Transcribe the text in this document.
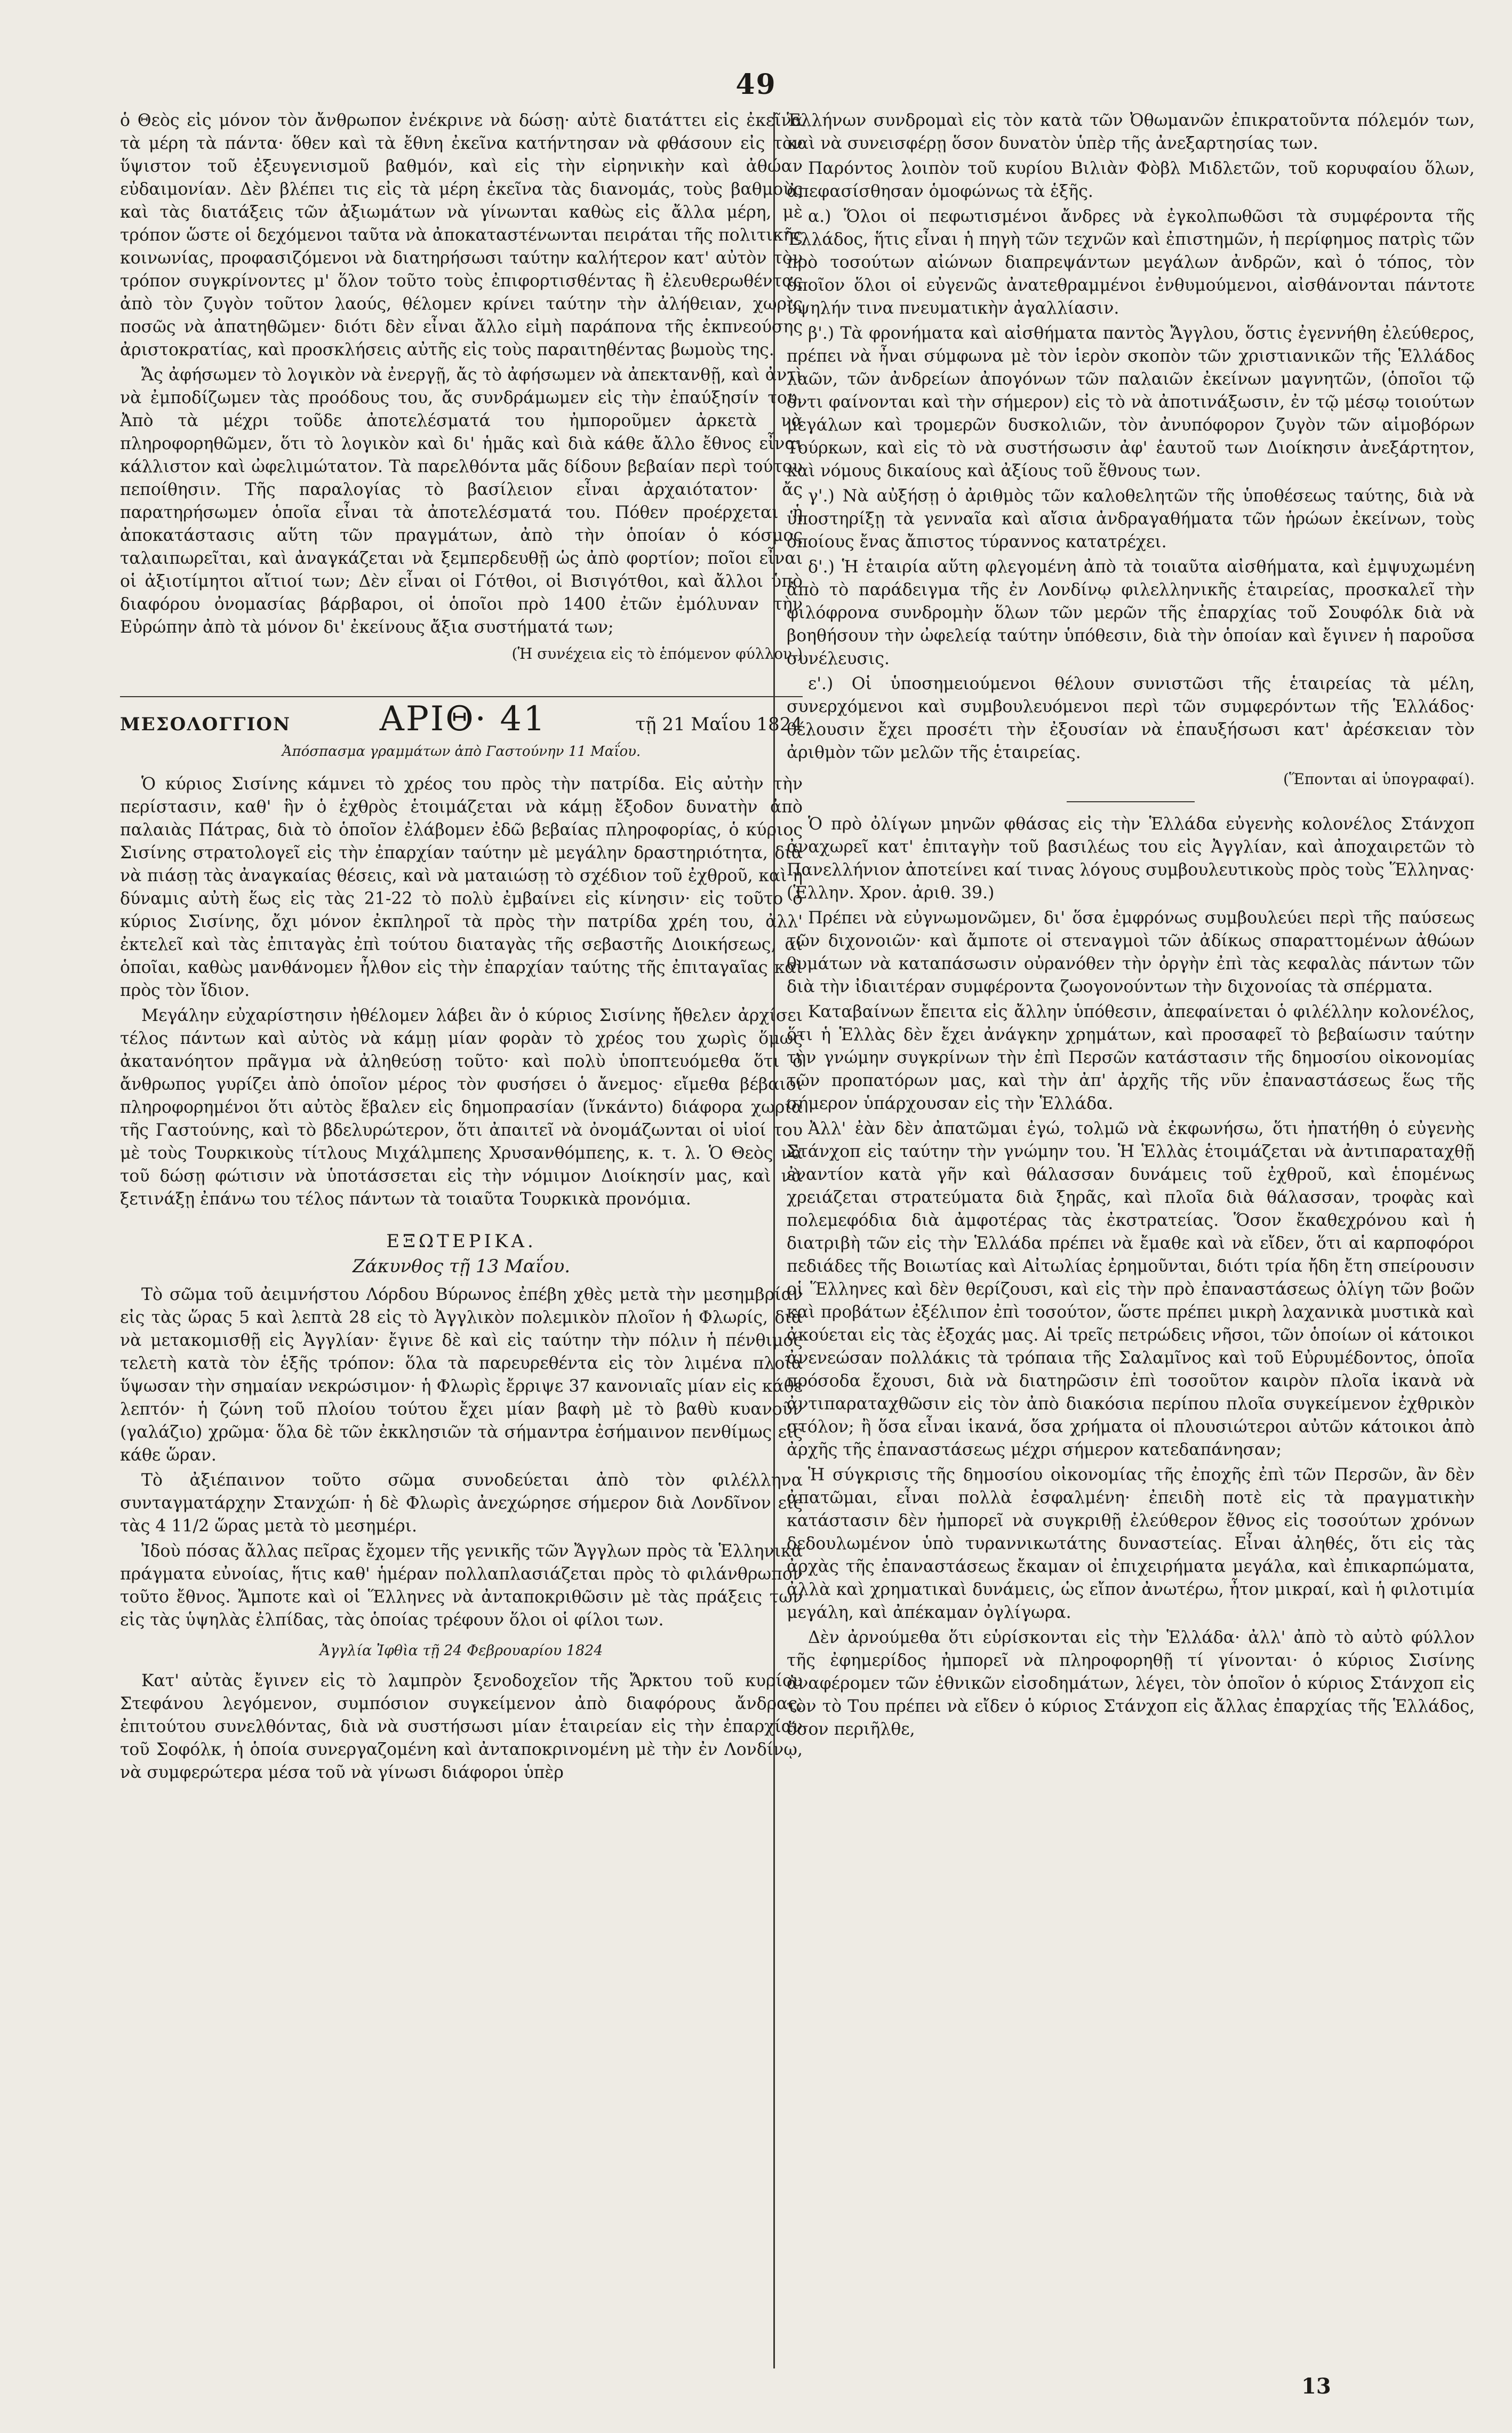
49

ὁ Θεὸς εἰς μόνον τὸν ἄνθρωπον ἐνέκρινε νὰ δώσῃ· αὐτὲ διατάττει εἰς ἐκεῖνα τὰ μέρη τὰ πάντα· ὅθεν καὶ τὰ ἔθνη ἐκεῖνα κατήντησαν νὰ φθάσουν εἰς τὸν ὕψιστον τοῦ ἐξευγενισμοῦ βαθμόν, καὶ εἰς τὴν εἰρηνικὴν καὶ ἀθώαν εὐδαιμονίαν. Δὲν βλέπει τις εἰς τὰ μέρη ἐκεῖνα τὰς διανομάς, τοὺς βαθμοὺς καὶ τὰς διατάξεις τῶν ἀξιωμάτων νὰ γίνωνται καθὼς εἰς ἄλλα μέρη, μὲ τρόπον ὥστε οἱ δεχόμενοι ταῦτα νὰ ἀποκαταστένωνται πειράται τῆς πολιτικῆς κοινωνίας, προφασιζόμενοι νὰ διατηρήσωσι ταύτην καλήτερον κατ' αὐτὸν τὸν τρόπον συγκρίνοντες μ' ὅλον τοῦτο τοὺς ἐπιφορτισθέντας ἢ ἐλευθερωθέντας ἀπὸ τὸν ζυγὸν τοῦτον λαούς, θέλομεν κρίνει ταύτην τὴν ἀλήθειαν, χωρὶς ποσῶς νὰ ἀπατηθῶμεν· διότι δὲν εἶναι ἄλλο εἰμὴ παράπονα τῆς ἐκπνεούσης ἀριστοκρατίας, καὶ προσκλήσεις αὐτῆς εἰς τοὺς παραιτηθέντας βωμοὺς της.

Ἄς ἀφήσωμεν τὸ λογικὸν νὰ ἐνεργῇ, ἄς τὸ ἀφήσωμεν νὰ ἀπεκτανθῇ, καὶ ἀντὶ νὰ ἐμποδίζωμεν τὰς προόδους του, ἄς συνδράμωμεν εἰς τὴν ἐπαύξησίν του. Ἀπὸ τὰ μέχρι τοῦδε ἀποτελέσματά του ἠμποροῦμεν ἀρκετὰ νὰ πληροφορηθῶμεν, ὅτι τὸ λογικὸν καὶ δι' ἡμᾶς καὶ διὰ κάθε ἄλλο ἔθνος εἶναι κάλλιστον καὶ ὠφελιμώτατον. Τὰ παρελθόντα μᾶς δίδουν βεβαίαν περὶ τούτου πεποίθησιν. Τῆς παραλογίας τὸ βασίλειον εἶναι ἀρχαιότατον· ἄς παρατηρήσωμεν ὁποῖα εἶναι τὰ ἀποτελέσματά του. Πόθεν προέρχεται ἡ ἀποκατάστασις αὕτη τῶν πραγμάτων, ἀπὸ τὴν ὁποίαν ὁ κόσμος ταλαιπωρεῖται, καὶ ἀναγκάζεται νὰ ξεμπερδευθῇ ὡς ἀπὸ φορτίον; ποῖοι εἶναι οἱ ἀξιοτίμητοι αἴτιοί των; Δὲν εἶναι οἱ Γότθοι, οἱ Βισιγότθοι, καὶ ἄλλοι ὑπὸ διαφόρου ὀνομασίας βάρβαροι, οἱ ὁποῖοι πρὸ 1400 ἐτῶν ἐμόλυναν τὴν Εὐρώπην ἀπὸ τὰ μόνον δι' ἐκείνους ἄξια συστήματά των;

(Ἡ συνέχεια εἰς τὸ ἑπόμενον φύλλον.)
ΜΕΣΟΛΟΓΓΙΟΝ	ΑΡΙΘ· 41	τῇ 21 Μαΐου 1824
Ἀπόσπασμα γραμμάτων ἀπὸ Γαστούνην 11 Μαΐου.

Ὁ κύριος Σισίνης κάμνει τὸ χρέος του πρὸς τὴν πατρίδα. Εἰς αὐτὴν τὴν περίστασιν, καθ' ἣν ὁ ἐχθρὸς ἑτοιμάζεται νὰ κάμῃ ἔξοδον δυνατὴν ἀπὸ παλαιὰς Πάτρας, διὰ τὸ ὁποῖον ἐλάβομεν ἐδῶ βεβαίας πληροφορίας, ὁ κύριος Σισίνης στρατολογεῖ εἰς τὴν ἐπαρχίαν ταύτην μὲ μεγάλην δραστηριότητα, διὰ νὰ πιάσῃ τὰς ἀναγκαίας θέσεις, καὶ νὰ ματαιώσῃ τὸ σχέδιον τοῦ ἐχθροῦ, καὶ ἡ δύναμις αὐτὴ ἕως εἰς τὰς 21-22 τὸ πολὺ ἐμβαίνει εἰς κίνησιν· εἰς τοῦτο ὁ κύριος Σισίνης, ὄχι μόνον ἐκπληροῖ τὰ πρὸς τὴν πατρίδα χρέη του, ἀλλ' ἐκτελεῖ καὶ τὰς ἐπιταγὰς ἐπὶ τούτου διαταγὰς τῆς σεβαστῆς Διοικήσεως, αἱ ὁποῖαι, καθὼς μανθάνομεν ἦλθον εἰς τὴν ἐπαρχίαν ταύτης τῆς ἐπιταγαῖας καὶ πρὸς τὸν ἴδιον.

Μεγάλην εὐχαρίστησιν ἠθέλομεν λάβει ἂν ὁ κύριος Σισίνης ἤθελεν ἀρχίσει τέλος πάντων καὶ αὐτὸς νὰ κάμῃ μίαν φορὰν τὸ χρέος του χωρὶς ὅμως ἀκατανόητον πρᾶγμα νὰ ἀληθεύσῃ τοῦτο· καὶ πολὺ ὑποπτευόμεθα ὅτι ὁ ἄνθρωπος γυρίζει ἀπὸ ὁποῖον μέρος τὸν φυσήσει ὁ ἄνεμος· εἴμεθα βέβαιοι πληροφορημένοι ὅτι αὐτὸς ἔβαλεν εἰς δημοπρασίαν (ἴνκάντο) διάφορα χωρία τῆς Γαστούνης, καὶ τὸ βδελυρώτερον, ὅτι ἀπαιτεῖ νὰ ὀνομάζωνται οἱ υἱοί του μὲ τοὺς Τουρκικοὺς τίτλους Μιχάλμπεης Χρυσανθόμπεης, κ. τ. λ. Ὁ Θεὸς νὰ τοῦ δώσῃ φώτισιν νὰ ὑποτάσσεται εἰς τὴν νόμιμον Διοίκησίν μας, καὶ νὰ ξετινάξῃ ἐπάνω του τέλος πάντων τὰ τοιαῦτα Τουρκικὰ προνόμια.

ΕΞΩΤΕΡΙΚΑ.
Ζάκυνθος τῇ 13 Μαΐου.

Τὸ σῶμα τοῦ ἀειμνήστου Λόρδου Βύρωνος ἐπέβη χθὲς μετὰ τὴν μεσημβρίαν εἰς τὰς ὥρας 5 καὶ λεπτὰ 28 εἰς τὸ Ἀγγλικὸν πολεμικὸν πλοῖον ἡ Φλωρίς, διὰ νὰ μετακομισθῇ εἰς Ἀγγλίαν· ἔγινε δὲ καὶ εἰς ταύτην τὴν πόλιν ἡ πένθιμος τελετὴ κατὰ τὸν ἑξῆς τρόπον: ὅλα τὰ παρευρεθέντα εἰς τὸν λιμένα πλοῖα ὕψωσαν τὴν σημαίαν νεκρώσιμον· ἡ Φλωρὶς ἔρριψε 37 κανονιαῖς μίαν εἰς κάθε λεπτόν· ἡ ζώνη τοῦ πλοίου τούτου ἔχει μίαν βαφὴ μὲ τὸ βαθὺ κυανοῦν (γαλάζιο) χρῶμα· ὅλα δὲ τῶν ἐκκλησιῶν τὰ σήμαντρα ἐσήμαινον πενθίμως εἰς κάθε ὥραν.

Τὸ ἀξιέπαινον τοῦτο σῶμα συνοδεύεται ἀπὸ τὸν φιλέλληνα συνταγματάρχην Στανχώπ· ἡ δὲ Φλωρὶς ἀνεχώρησε σήμερον διὰ Λονδῖνον εἰς τὰς 4 11/2 ὥρας μετὰ τὸ μεσημέρι.

Ἰδοὺ πόσας ἄλλας πεῖρας ἔχομεν τῆς γενικῆς τῶν Ἄγγλων πρὸς τὰ Ἑλληνικὰ πράγματα εὐνοίας, ἥτις καθ' ἡμέραν πολλαπλασιάζεται πρὸς τὸ φιλάνθρωπον τοῦτο ἔθνος. Ἄμποτε καὶ οἱ Ἕλληνες νὰ ἀνταποκριθῶσιν μὲ τὰς πράξεις των εἰς τὰς ὑψηλὰς ἐλπίδας, τὰς ὁποίας τρέφουν ὅλοι οἱ φίλοι των.

Ἀγγλία Ἰφθὶα τῇ 24 Φεβρουαρίου 1824

Κατ' αὐτὰς ἔγινεν εἰς τὸ λαμπρὸν ξενοδοχεῖον τῆς Ἄρκτου τοῦ κυρίου Στεφάνου λεγόμενον, συμπόσιον συγκείμενον ἀπὸ διαφόρους ἄνδρας, ἐπιτούτου συνελθόντας, διὰ νὰ συστήσωσι μίαν ἑταιρείαν εἰς τὴν ἐπαρχίαν τοῦ Σοφόλκ, ἡ ὁποία συνεργαζομένη καὶ ἀνταποκρινομένη μὲ τὴν ἐν Λονδίνῳ, νὰ συμφερώτερα μέσα τοῦ νὰ γίνωσι διάφοροι ὑπὲρ

Ἑλλήνων συνδρομαὶ εἰς τὸν κατὰ τῶν Ὀθωμανῶν ἐπικρατοῦντα πόλεμόν των, καὶ νὰ συνεισφέρῃ ὅσον δυνατὸν ὑπὲρ τῆς ἀνεξαρτησίας των.

Παρόντος λοιπὸν τοῦ κυρίου Βιλιὰν Φὸβλ Μιδλετῶν, τοῦ κορυφαίου ὅλων, ἀπεφασίσθησαν ὁμοφώνως τὰ ἑξῆς.

α.) Ὅλοι οἱ πεφωτισμένοι ἄνδρες νὰ ἐγκολπωθῶσι τὰ συμφέροντα τῆς Ἑλλάδος, ἥτις εἶναι ἡ πηγὴ τῶν τεχνῶν καὶ ἐπιστημῶν, ἡ περίφημος πατρὶς τῶν πρὸ τοσούτων αἰώνων διαπρεψάντων μεγάλων ἀνδρῶν, καὶ ὁ τόπος, τὸν ὁποῖον ὅλοι οἱ εὐγενῶς ἀνατεθραμμένοι ἐνθυμούμενοι, αἰσθάνονται πάντοτε ὑψηλήν τινα πνευματικὴν ἀγαλλίασιν.

β'.) Τὰ φρονήματα καὶ αἰσθήματα παντὸς Ἄγγλου, ὅστις ἐγεννήθη ἐλεύθερος, πρέπει νὰ ἦναι σύμφωνα μὲ τὸν ἱερὸν σκοπὸν τῶν χριστιανικῶν τῆς Ἑλλάδος λαῶν, τῶν ἀνδρείων ἀπογόνων τῶν παλαιῶν ἐκείνων μαγνητῶν, (ὁποῖοι τῷ ὄντι φαίνονται καὶ τὴν σήμερον) εἰς τὸ νὰ ἀποτινάξωσιν, ἐν τῷ μέσῳ τοιούτων μεγάλων καὶ τρομερῶν δυσκολιῶν, τὸν ἀνυπόφορον ζυγὸν τῶν αἱμοβόρων Τούρκων, καὶ εἰς τὸ νὰ συστήσωσιν ἀφ' ἑαυτοῦ των Διοίκησιν ἀνεξάρτητον, καὶ νόμους δικαίους καὶ ἀξίους τοῦ ἔθνους των.

γ'.) Νὰ αὐξήσῃ ὁ ἀριθμὸς τῶν καλοθελητῶν τῆς ὑποθέσεως ταύτης, διὰ νὰ ὑποστηρίξῃ τὰ γενναῖα καὶ αἴσια ἀνδραγαθήματα τῶν ἡρώων ἐκείνων, τοὺς ὁποίους ἔνας ἄπιστος τύραννος κατατρέχει.

δ'.) Ἡ ἑταιρία αὕτη φλεγομένη ἀπὸ τὰ τοιαῦτα αἰσθήματα, καὶ ἐμψυχωμένη ἀπὸ τὸ παράδειγμα τῆς ἐν Λονδίνῳ φιλελληνικῆς ἑταιρείας, προσκαλεῖ τὴν φιλόφρονα συνδρομὴν ὅλων τῶν μερῶν τῆς ἐπαρχίας τοῦ Σουφόλκ διὰ νὰ βοηθήσουν τὴν ὠφελείᾳ ταύτην ὑπόθεσιν, διὰ τὴν ὁποίαν καὶ ἔγινεν ἡ παροῦσα συνέλευσις.

ε'.) Οἱ ὑποσημειούμενοι θέλουν συνιστῶσι τῆς ἑταιρείας τὰ μέλη, συνερχόμενοι καὶ συμβουλευόμενοι περὶ τῶν συμφερόντων τῆς Ἑλλάδος· θέλουσιν ἔχει προσέτι τὴν ἐξουσίαν νὰ ἐπαυξήσωσι κατ' ἀρέσκειαν τὸν ἀριθμὸν τῶν μελῶν τῆς ἑταιρείας.

(Ἕπονται αἱ ὑπογραφαί).

Ὁ πρὸ ὀλίγων μηνῶν φθάσας εἰς τὴν Ἑλλάδα εὐγενὴς κολονέλος Στάνχοπ ἀναχωρεῖ κατ' ἐπιταγὴν τοῦ βασιλέως του εἰς Ἀγγλίαν, καὶ ἀποχαιρετῶν τὸ Πανελλήνιον ἀποτείνει καί τινας λόγους συμβουλευτικοὺς πρὸς τοὺς Ἕλληνας· (Ἑλλην. Χρον. ἀριθ. 39.)

Πρέπει νὰ εὐγνωμονῶμεν, δι' ὅσα ἐμφρόνως συμβουλεύει περὶ τῆς παύσεως τῶν διχονοιῶν· καὶ ἄμποτε οἱ στεναγμοὶ τῶν ἀδίκως σπαραττομένων ἀθώων θυμάτων νὰ καταπάσωσιν οὐρανόθεν τὴν ὀργὴν ἐπὶ τὰς κεφαλὰς πάντων τῶν διὰ τὴν ἰδιαιτέραν συμφέροντα ζωογονούντων τὴν διχονοίας τὰ σπέρματα.

Καταβαίνων ἔπειτα εἰς ἄλλην ὑπόθεσιν, ἀπεφαίνεται ὁ φιλέλλην κολονέλος, ὅτι ἡ Ἑλλὰς δὲν ἔχει ἀνάγκην χρημάτων, καὶ προσαφεῖ τὸ βεβαίωσιν ταύτην τὴν γνώμην συγκρίνων τὴν ἐπὶ Περσῶν κατάστασιν τῆς δημοσίου οἰκονομίας τῶν προπατόρων μας, καὶ τὴν ἀπ' ἀρχῆς τῆς νῦν ἐπαναστάσεως ἕως τῆς σήμερον ὑπάρχουσαν εἰς τὴν Ἑλλάδα.

Ἀλλ' ἐὰν δὲν ἀπατῶμαι ἐγώ, τολμῶ νὰ ἐκφωνήσω, ὅτι ἠπατήθη ὁ εὐγενὴς Στάνχοπ εἰς ταύτην τὴν γνώμην του. Ἡ Ἑλλὰς ἑτοιμάζεται νὰ ἀντιπαραταχθῇ ἐναντίον κατὰ γῆν καὶ θάλασσαν δυνάμεις τοῦ ἐχθροῦ, καὶ ἑπομένως χρειάζεται στρατεύματα διὰ ξηρᾶς, καὶ πλοῖα διὰ θάλασσαν, τροφὰς καὶ πολεμεφόδια διὰ ἀμφοτέρας τὰς ἐκστρατείας. Ὅσον ἔκαθεχρόνου καὶ ἡ διατριβὴ τῶν εἰς τὴν Ἑλλάδα πρέπει νὰ ἔμαθε καὶ νὰ εἴδεν, ὅτι αἱ καρποφόροι πεδιάδες τῆς Βοιωτίας καὶ Αἰτωλίας ἐρημοῦνται, διότι τρία ἤδη ἔτη σπείρουσιν οἱ Ἕλληνες καὶ δὲν θερίζουσι, καὶ εἰς τὴν πρὸ ἐπαναστάσεως ὁλίγη τῶν βοῶν καὶ προβάτων ἐξέλιπον ἐπὶ τοσούτον, ὥστε πρέπει μικρὴ λαχανικὰ μυστικὰ καὶ ἀκούεται εἰς τὰς ἐξοχάς μας. Αἱ τρεῖς πετρώδεις νῆσοι, τῶν ὁποίων οἱ κάτοικοι ἀνενεώσαν πολλάκις τὰ τρόπαια τῆς Σαλαμῖνος καὶ τοῦ Εὐρυμέδοντος, ὁποῖα πρόσοδα ἔχουσι, διὰ νὰ διατηρῶσιν ἐπὶ τοσοῦτον καιρὸν πλοῖα ἱκανὰ νὰ ἀντιπαραταχθῶσιν εἰς τὸν ἀπὸ διακόσια περίπου πλοῖα συγκείμενον ἐχθρικὸν στόλον; ἢ ὅσα εἶναι ἱκανά, ὅσα χρήματα οἱ πλουσιώτεροι αὐτῶν κάτοικοι ἀπὸ ἀρχῆς τῆς ἐπαναστάσεως μέχρι σήμερον κατεδαπάνησαν;

Ἡ σύγκρισις τῆς δημοσίου οἰκονομίας τῆς ἐποχῆς ἐπὶ τῶν Περσῶν, ἂν δὲν ἀπατῶμαι, εἶναι πολλὰ ἐσφαλμένη· ἐπειδὴ ποτὲ εἰς τὰ πραγματικὴν κατάστασιν δὲν ἠμπορεῖ νὰ συγκριθῇ ἐλεύθερον ἔθνος εἰς τοσούτων χρόνων δεδουλωμένον ὑπὸ τυραννικωτάτης δυναστείας. Εἶναι ἀληθές, ὅτι εἰς τὰς ἀρχὰς τῆς ἐπαναστάσεως ἔκαμαν οἱ ἐπιχειρήματα μεγάλα, καὶ ἐπικαρπώματα, ἀλλὰ καὶ χρηματικαὶ δυνάμεις, ὡς εἴπον ἀνωτέρω, ἦτον μικραί, καὶ ἡ φιλοτιμία μεγάλη, καὶ ἀπέκαμαν ὀγλίγωρα.

Δὲν ἀρνούμεθα ὅτι εὑρίσκονται εἰς τὴν Ἑλλάδα· ἀλλ' ἀπὸ τὸ αὐτὸ φύλλον τῆς ἐφημερίδος ἠμπορεῖ νὰ πληροφορηθῇ τί γίνονται· ὁ κύριος Σισίνης ἀναφέρομεν τῶν ἐθνικῶν εἰσοδημάτων, λέγει, τὸν ὁποῖον ὁ κύριος Στάνχοπ εἰς τὸν τὸ Του πρέπει νὰ εἴδεν ὁ κύριος Στάνχοπ εἰς ἄλλας ἐπαρχίας τῆς Ἑλλάδος, ὅσον περιῆλθε,

13
